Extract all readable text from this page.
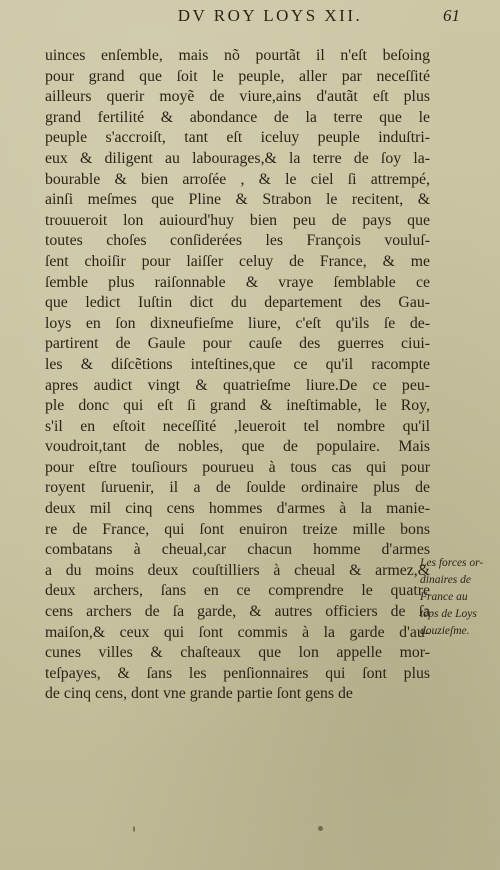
DV ROY LOYS XII.	61
uinces enſemble, mais nõ pourtãt il n'eſt beſoing
pour grand que ſoit le peuple, aller par neceſſité
ailleurs querir moyẽ de viure,ains d'autãt eſt plus
grand fertilité & abondance de la terre que le
peuple s'accroiſt, tant eſt iceluy peuple induſtri-
eux & diligent au labourages,& la terre de ſoy la-
bourable & bien arroſée , & le ciel ſi attrempé,
ainſi meſmes que Pline & Strabon le recitent, &
trouueroit lon auiourd'huy bien peu de pays que
toutes choſes conſiderées les François vouluſ-
ſent choiſir pour laiſſer celuy de France, & me
ſemble plus raiſonnable & vraye ſemblable ce
que ledict Iuſtin dict du departement des Gau-
loys en ſon dixneufieſme liure, c'eſt qu'ils ſe de-
partirent de Gaule pour cauſe des guerres ciui-
les & diſcẽtions inteſtines,que ce qu'il racompte
apres audict vingt & quatrieſme liure.De ce peu-
ple donc qui eſt ſi grand & ineſtimable, le Roy,
s'il en eſtoit neceſſité ,leueroit tel nombre qu'il
voudroit,tant de nobles, que de populaire. Mais
pour eſtre touſiours pourueu à tous cas qui pour
royent ſuruenir, il a de ſoulde ordinaire plus de
deux mil cinq cens hommes d'armes à la manie-
re de France, qui ſont enuiron treize mille bons
combatans à cheual,car chacun homme d'armes
a du moins deux couſtilliers à cheual & armez,&
deux archers, ſans en ce comprendre le quatre
cens archers de ſa garde, & autres officiers de ſa
maiſon,& ceux qui ſont commis à la garde d'au-
cunes villes & chaſteaux que lon appelle mor-
teſpayes, & ſans les penſionnaires qui ſont plus
de cinq cens, dont vne grande partie ſont gens de
Les forces or-
dinaires de
France au
têps de Loys
douzieſme.
